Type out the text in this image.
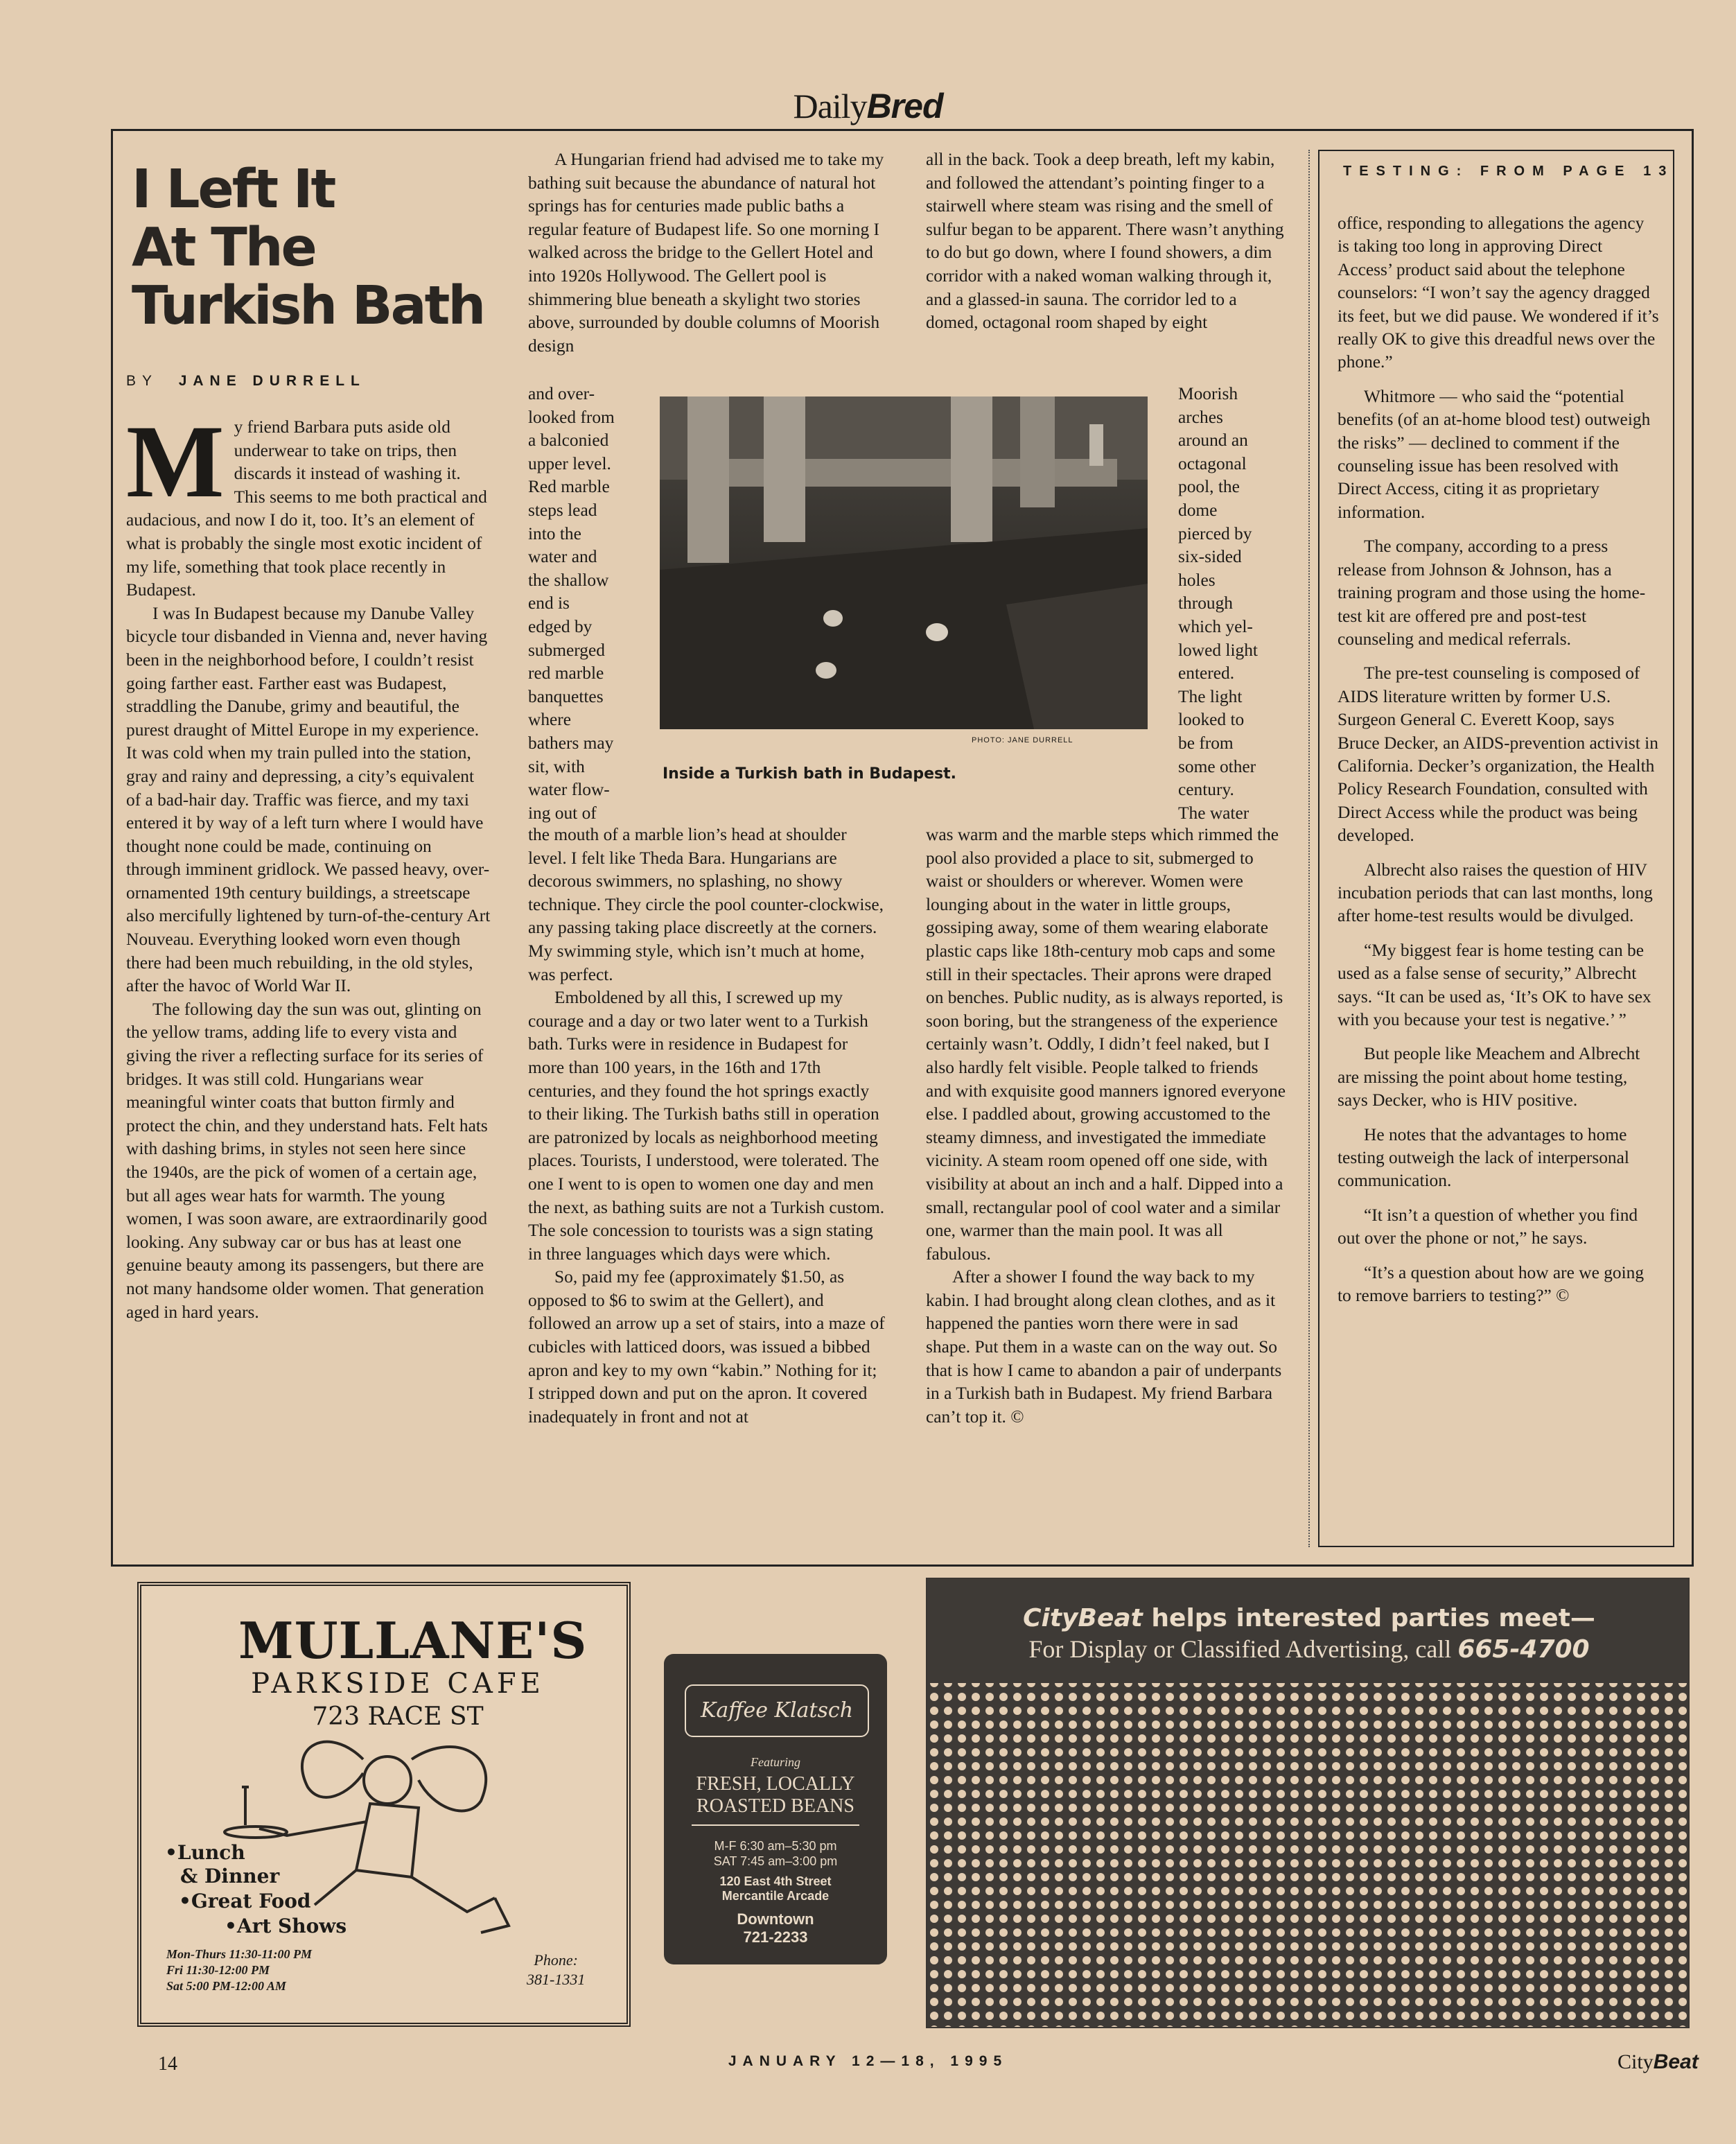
DailyBred
I Left It
At The
Turkish Bath
BY JANE DURRELL
M y friend Barbara puts aside old underwear to take on trips, then discards it instead of washing it. This seems to me both practical and audacious, and now I do it, too. It’s an element of what is probably the single most exotic incident of my life, something that took place recently in Budapest.

I was In Budapest because my Danube Valley bicycle tour disbanded in Vienna and, never having been in the neighborhood before, I couldn’t resist going farther east. Farther east was Budapest, straddling the Danube, grimy and beautiful, the purest draught of Mittel Europe in my experience. It was cold when my train pulled into the station, gray and rainy and depressing, a city’s equivalent of a bad-hair day. Traffic was fierce, and my taxi entered it by way of a left turn where I would have thought none could be made, continuing on through imminent gridlock. We passed heavy, over-ornamented 19th century buildings, a streetscape also mercifully lightened by turn-of-the-century Art Nouveau. Everything looked worn even though there had been much rebuilding, in the old styles, after the havoc of World War II.

The following day the sun was out, glinting on the yellow trams, adding life to every vista and giving the river a reflecting surface for its series of bridges. It was still cold. Hungarians wear meaningful winter coats that button firmly and protect the chin, and they understand hats. Felt hats with dashing brims, in styles not seen here since the 1940s, are the pick of women of a certain age, but all ages wear hats for warmth. The young women, I was soon aware, are extraordinarily good looking. Any subway car or bus has at least one genuine beauty among its passengers, but there are not many handsome older women. That generation aged in hard years.

A Hungarian friend had advised me to take my bathing suit because the abundance of natural hot springs has for centuries made public baths a regular feature of Budapest life. So one morning I walked across the bridge to the Gellert Hotel and into 1920s Hollywood. The Gellert pool is shimmering blue beneath a skylight two stories above, surrounded by double columns of Moorish design

and over-
looked from
a balconied
upper level.
Red marble
steps lead
into the
water and
the shallow
end is
edged by
submerged
red marble
banquettes
where
bathers may
sit, with
water flow-
ing out of

the mouth of a marble lion’s head at shoulder level. I felt like Theda Bara. Hungarians are decorous swimmers, no splashing, no showy technique. They circle the pool counter-clockwise, any passing taking place discreetly at the corners. My swimming style, which isn’t much at home, was perfect.

Emboldened by all this, I screwed up my courage and a day or two later went to a Turkish bath. Turks were in residence in Budapest for more than 100 years, in the 16th and 17th centuries, and they found the hot springs exactly to their liking. The Turkish baths still in operation are patronized by locals as neighborhood meeting places. Tourists, I understood, were tolerated. The one I went to is open to women one day and men the next, as bathing suits are not a Turkish custom. The sole concession to tourists was a sign stating in three languages which days were which.

So, paid my fee (approximately $1.50, as opposed to $6 to swim at the Gellert), and followed an arrow up a set of stairs, into a maze of cubicles with latticed doors, was issued a bibbed apron and key to my own “kabin.” Nothing for it; I stripped down and put on the apron. It covered inadequately in front and not at

all in the back. Took a deep breath, left my kabin, and followed the attendant’s pointing finger to a stairwell where steam was rising and the smell of sulfur began to be apparent. There wasn’t anything to do but go down, where I found showers, a dim corridor with a naked woman walking through it, and a glassed-in sauna. The corridor led to a domed, octagonal room shaped by eight

Moorish
arches
around an
octagonal
pool, the
dome
pierced by
six-sided
holes
through
which yel-
lowed light
entered.
The light
looked to
be from
some other
century.
The water

was warm and the marble steps which rimmed the pool also provided a place to sit, submerged to waist or shoulders or wherever. Women were lounging about in the water in little groups, gossiping away, some of them wearing elaborate plastic caps like 18th-century mob caps and some still in their spectacles. Their aprons were draped on benches. Public nudity, as is always reported, is soon boring, but the strangeness of the experience certainly wasn’t. Oddly, I didn’t feel naked, but I also hardly felt visible. People talked to friends and with exquisite good manners ignored everyone else. I paddled about, growing accustomed to the steamy dimness, and investigated the immediate vicinity. A steam room opened off one side, with visibility at about an inch and a half. Dipped into a small, rectangular pool of cool water and a similar one, warmer than the main pool. It was all fabulous.

After a shower I found the way back to my kabin. I had brought along clean clothes, and as it happened the panties worn there were in sad shape. Put them in a waste can on the way out. So that is how I came to abandon a pair of underpants in a Turkish bath in Budapest. My friend Barbara can’t top it. ©

PHOTO: JANE DURRELL
Inside a Turkish bath in Budapest.
TESTING: FROM PAGE 13

office, responding to allegations the agency is taking too long in approving Direct Access’ product said about the telephone counselors: “I won’t say the agency dragged its feet, but we did pause. We wondered if it’s really OK to give this dreadful news over the phone.”

Whitmore — who said the “potential benefits (of an at-home blood test) outweigh the risks” — declined to comment if the counseling issue has been resolved with Direct Access, citing it as proprietary information.

The company, according to a press release from Johnson & Johnson, has a training program and those using the home-test kit are offered pre and post-test counseling and medical referrals.

The pre-test counseling is composed of AIDS literature written by former U.S. Surgeon General C. Everett Koop, says Bruce Decker, an AIDS-prevention activist in California. Decker’s organization, the Health Policy Research Foundation, consulted with Direct Access while the product was being developed.

Albrecht also raises the question of HIV incubation periods that can last months, long after home-test results would be divulged.

“My biggest fear is home testing can be used as a false sense of security,” Albrecht says. “It can be used as, ‘It’s OK to have sex with you because your test is negative.’ ”

But people like Meachem and Albrecht are missing the point about home testing, says Decker, who is HIV positive.

He notes that the advantages to home testing outweigh the lack of interpersonal communication.

“It isn’t a question of whether you find out over the phone or not,” he says.

“It’s a question about how are we going to remove barriers to testing?” ©

MULLANE'S
PARKSIDE CAFE
723 RACE ST
•Lunch
& Dinner
•Great Food
•Art Shows
Mon-Thurs 11:30-11:00 PM
Fri 11:30-12:00 PM
Sat 5:00 PM-12:00 AM
Phone:
381-1331
Kaffee Klatsch
Featuring
FRESH, LOCALLY
ROASTED BEANS
M-F 6:30 am–5:30 pm
SAT 7:45 am–3:00 pm
120 East 4th Street
Mercantile Arcade
Downtown
721-2233
CityBeat helps interested parties meet—
For Display or Classified Advertising, call 665-4700
14	JANUARY 12—18, 1995	CityBeat
